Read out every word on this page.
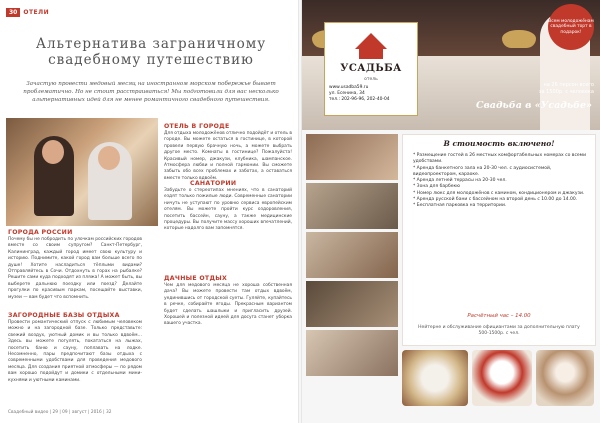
30	ОТЕЛИ
Альтернатива заграничному свадебному путешествию
Зачастую провести медовый месяц на иностранном морском побережье бывает проблематично. Но не стоит расстраиваться! Мы подготовили для вас несколько альтернативных идей для не менее романтичного свадебного путешествия.
ГОРОДА РОССИИ
Почему бы не побродить по улочкам российских городов вместе со своим супругом? Санкт-Петербург, Калининград, каждый город имеет свою культуру и историю. Поднимите, какой город вам больше всего по душе! Хотите насладиться тёплыми видами? Отправляйтесь в Сочи. Отдохнуть в горах на рыбалке? Решите сами куда подходят из пляжа! А может быть, вы выберете дальнюю поездку или поезд? Делайте прогулки по красивым паркам, посещайте выставки, музеи — вам будет что вспомнить.
ЗАГОРОДНЫЕ БАЗЫ ОТДЫХА
Провести романтический отпуск с любимым человеком можно и на загородной базе. Только представьте: свежий воздух, уютный домик и вы только вдвоём… Здесь вы можете погулять, покататься на лыжах, посетить баню и сауну, поплавать на лодке. Несомненно, пары предпочитают базы отдыха с современными удобствами для проведения медового месяца. Для создания приятной атмосферы — по рядом вам хорошо подойдут и домики с отдельными мини-кухнями и уютными каминами.
ОТЕЛЬ В ГОРОДЕ
Для отдыха молодожёнов отлично подойдёт и отель в городе. Вы можете остаться в гостинице, в которой провели первую брачную ночь, а можете выбрать другое место. Комнаты в гостинице? Пожалуйста! Красивый номер, джакузи, клубника, шампанское. Атмосфера любви и полной гармонии. Вы сможете забыть обо всех проблемах и заботах, а оставаться вместе только вдвоём.
САНАТОРИИ
Забудьте о стереотипах мнениях, что в санаторий ездят только пожилые люди. Современные санатории ничуть не уступают по уровню сервиса европейским отелям. Вы можете пройти курс оздоровления, посетить бассейн, сауну, а также медицинские процедуры. Вы получите массу хороших впечатлений, которые надолго вам запомнятся.
ДАЧНЫЕ ОТДЫХ
Чем для медового месяца не хороша собственная дача? Вы можете провести там отдых вдвоём, уединившись от городской суеты. Гуляйте, купайтесь в речке, собирайте ягоды. Прекрасным вариантом будет сделать шашлыки и пригласить друзей. Хорошей и полезной идеей для досуга станет уборка вашего участка.
Свадебный видео | 29 | 09 | август | 2016 | 32
УСАДЬБА
отель
www.usadba59.ru
ул. Есенина, 34
тел.: 202-96-96, 202-40-04
Всем молодожёнам свадебный торт в подарок!
на 26 персон всего
за 1500р. с человека
Свадьба в «Усадьбе»
В стоимость включено!
* Размещение гостей в 26 местных комфортабельных номерах со всеми удобствами.
* Аренда банкетного зала на 20-30 чел. с аудиосистемой, видеопроектором, караоке.
* Аренда летней террасы на 20-30 чел.
* Зона для барбекю
* Номер люкс для молодожёнов с камином, кондиционером и джакузи.
* Аренда русской бани с бассейном на второй день с 10.00 до 14.00.
* Бесплатная парковка на территории.
Расчётный час – 14.00
Нейтерне и обслуживание официантами за дополнительную плату 500-1500р. с чел.
